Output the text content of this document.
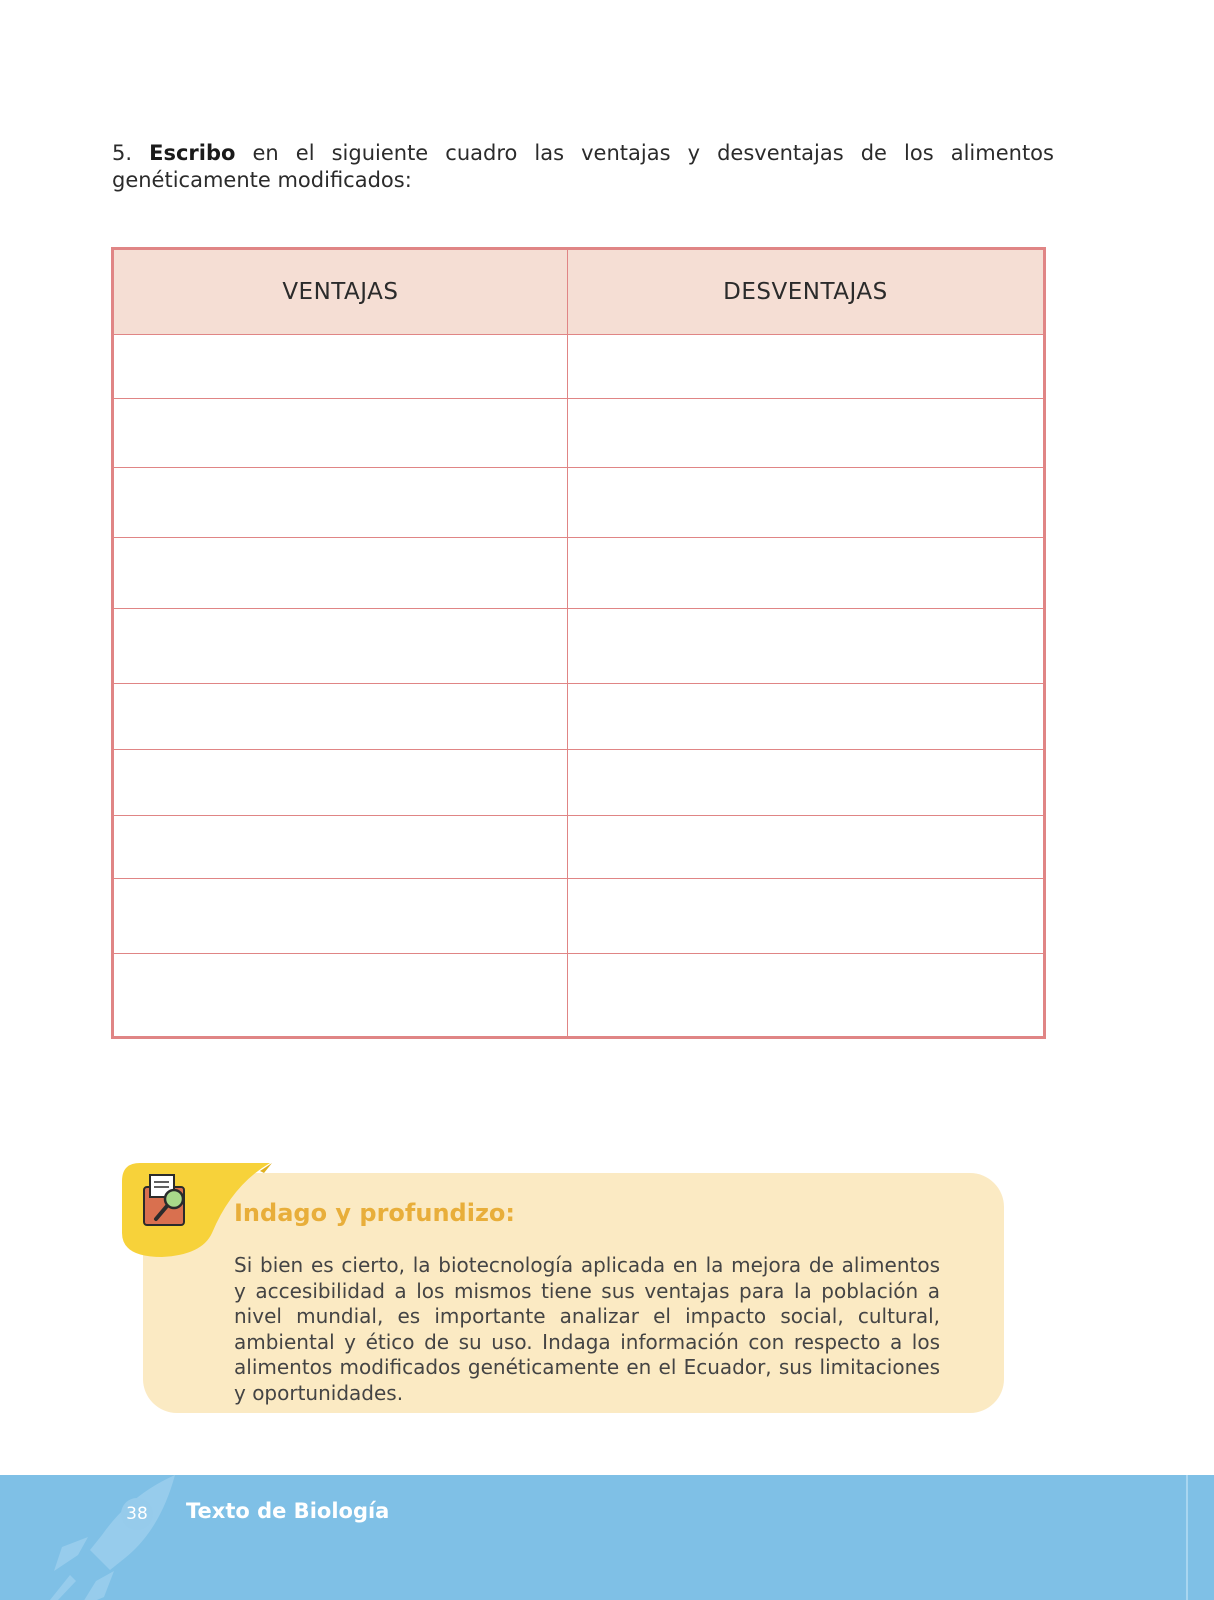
5. Escribo en el siguiente cuadro las ventajas y desventajas de los alimentos genéticamente modificados:
VENTAJAS	DESVENTAJAS

Indago y profundizo:
Si bien es cierto, la biotecnología aplicada en la mejora de alimentos y accesibilidad a los mismos tiene sus ventajas para la población a nivel mundial, es importante analizar el impacto social, cultural, ambiental y ético de su uso. Indaga información con respecto a los alimentos modificados genéticamente en el Ecuador, sus limitaciones y oportunidades.
38 Texto de Biología
